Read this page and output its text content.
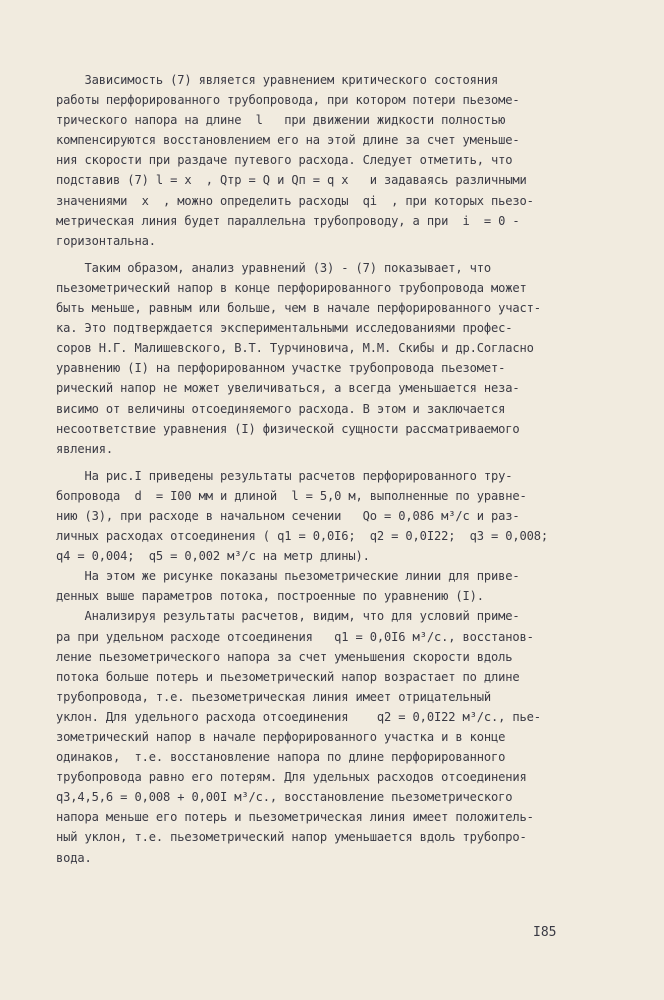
Зависимость (7) является уравнением критического состояния
работы перфорированного трубопровода, при котором потери пьезоме-
трического напора на длине  l   при движении жидкости полностью
компенсируются восстановлением его на этой длине за счет уменьше-
ния скорости при раздаче путевого расхода. Следует отметить, что
подставив (7) l = x  , Qтр = Q и Qп = q x   и задаваясь различными
значениями  x  , можно определить расходы  qi  , при которых пьезо-
метрическая линия будет параллельна трубопроводу, а при  i  = 0 -
горизонтальна.
Таким образом, анализ уравнений (3) - (7) показывает, что
пьезометрический напор в конце перфорированного трубопровода может
быть меньше, равным или больше, чем в начале перфорированного участ-
ка. Это подтверждается экспериментальными исследованиями профес-
соров Н.Г. Малишевского, В.Т. Турчиновича, М.М. Скибы и др.Согласно
уравнению (I) на перфорированном участке трубопровода пьезомет-
рический напор не может увеличиваться, а всегда уменьшается неза-
висимо от величины отсоединяемого расхода. В этом и заключается
несоответствие уравнения (I) физической сущности рассматриваемого
явления.
На рис.I приведены результаты расчетов перфорированного тру-
бопровода  d  = I00 мм и длиной  l = 5,0 м, выполненные по уравне-
нию (3), при расходе в начальном сечении   Qo = 0,086 м³/с и раз-
личных расходах отсоединения ( q1 = 0,0I6;  q2 = 0,0I22;  q3 = 0,008;
q4 = 0,004;  q5 = 0,002 м³/с на метр длины).
На этом же рисунке показаны пьезометрические линии для приве-
денных выше параметров потока, построенные по уравнению (I).
Анализируя результаты расчетов, видим, что для условий приме-
ра при удельном расходе отсоединения   q1 = 0,0I6 м³/с., восстанов-
ление пьезометрического напора за счет уменьшения скорости вдоль
потока больше потерь и пьезометрический напор возрастает по длине
трубопровода, т.е. пьезометрическая линия имеет отрицательный
уклон. Для удельного расхода отсоединения    q2 = 0,0I22 м³/с., пье-
зометрический напор в начале перфорированного участка и в конце
одинаков,  т.е. восстановление напора по длине перфорированного
трубопровода равно его потерям. Для удельных расходов отсоединения
q3,4,5,6 = 0,008 + 0,00I м³/с., восстановление пьезометрического
напора меньше его потерь и пьезометрическая линия имеет положитель-
ный уклон, т.е. пьезометрический напор уменьшается вдоль трубопро-
вода.
I85
